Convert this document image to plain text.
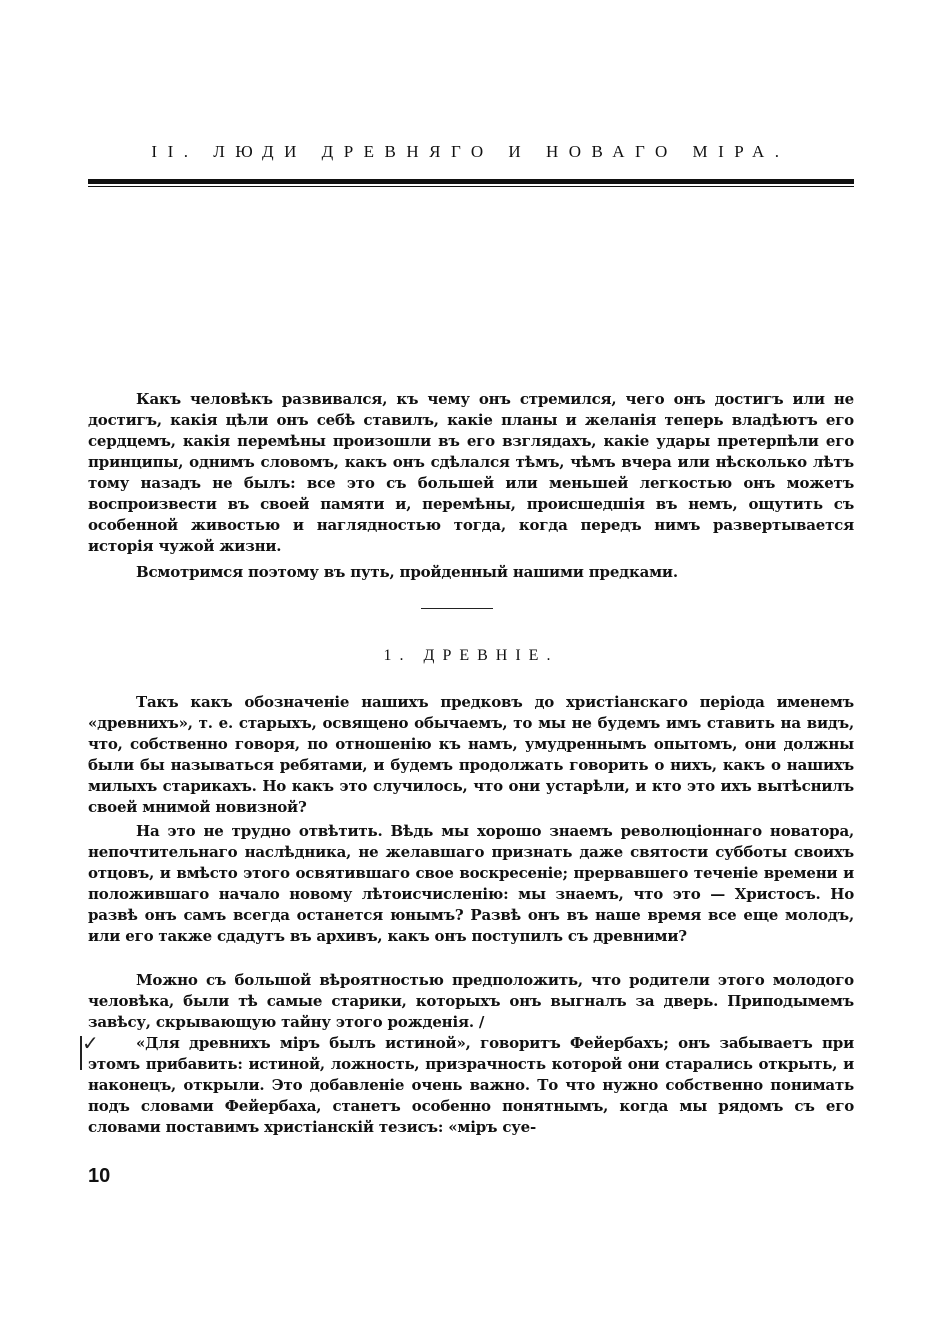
II. ЛЮДИ ДРЕВНЯГО И НОВАГО МІРА.

Какъ человѣкъ развивался, къ чему онъ стремился, чего онъ достигъ или не достигъ, какія цѣли онъ себѣ ставилъ, какіе планы и желанія теперь владѣютъ его сердцемъ, какія перемѣны произошли въ его взглядахъ, какіе удары претерпѣли его принципы, однимъ словомъ, какъ онъ сдѣлался тѣмъ, чѣмъ вчера или нѣсколько лѣтъ тому назадъ не былъ: все это съ большей или меньшей легкостью онъ можетъ воспроизвести въ своей памяти и, перемѣны, происшедшія въ немъ, ощутить съ особенной живостью и наглядностью тогда, когда передъ нимъ развертывается исторія чужой жизни.

Всмотримся поэтому въ путь, пройденный нашими предками.

1. ДРЕВНІЕ.

Такъ какъ обозначеніе нашихъ предковъ до христіанскаго періода именемъ «древнихъ», т. е. старыхъ, освящено обычаемъ, то мы не будемъ имъ ставить на видъ, что, собственно говоря, по отношенію къ намъ, умудреннымъ опытомъ, они должны были бы называться ребятами, и будемъ продолжать говорить о нихъ, какъ о нашихъ милыхъ старикахъ. Но какъ это случилось, что они устарѣли, и кто это ихъ вытѣснилъ своей мнимой новизной?

На это не трудно отвѣтить. Вѣдь мы хорошо знаемъ революціоннаго новатора, непочтительнаго наслѣдника, не желавшаго признать даже святости субботы своихъ отцовъ, и вмѣсто этого освятившаго свое воскресеніе; прервавшего теченіе времени и положившаго начало новому лѣтоисчисленію: мы знаемъ, что это — Христосъ. Но развѣ онъ самъ всегда останется юнымъ? Развѣ онъ въ наше время все еще молодъ, или его также сдадутъ въ архивъ, какъ онъ поступилъ съ древними?

Можно съ большой вѣроятностью предположить, что родители этого молодого человѣка, были тѣ самые старики, которыхъ онъ выгналъ за дверь. Приподымемъ завѣсу, скрывающую тайну этого рожденія. /

✓	«Для древнихъ міръ былъ истиной», говоритъ Фейербахъ; онъ забываетъ при этомъ прибавить: истиной, ложность, призрачность которой они старались открыть, и наконецъ, открыли. Это добавленіе очень важно. То что нужно собственно понимать подъ словами Фейербаха, станетъ особенно понятнымъ, когда мы рядомъ съ его словами поставимъ христіанскій тезисъ: «міръ суе-

10
